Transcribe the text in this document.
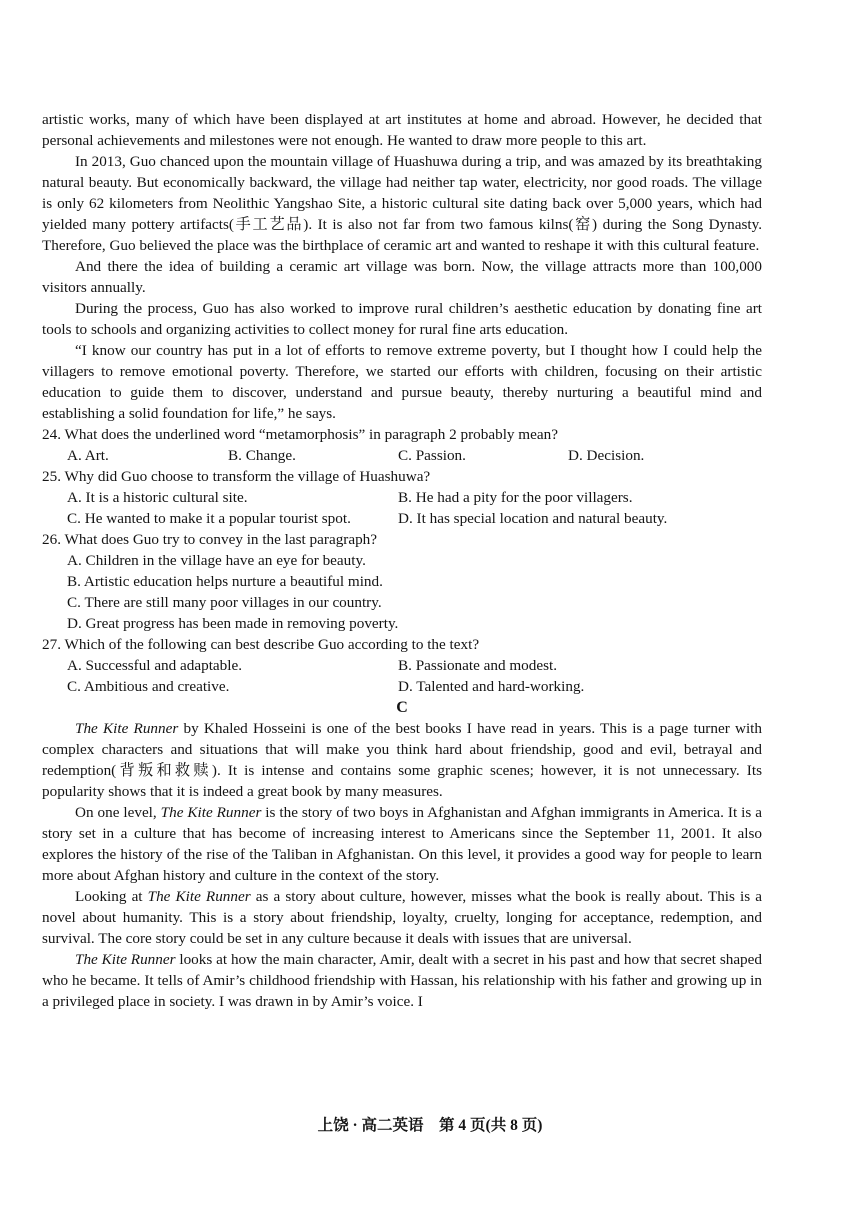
artistic works, many of which have been displayed at art institutes at home and abroad. However, he decided that personal achievements and milestones were not enough. He wanted to draw more people to this art.

In 2013, Guo chanced upon the mountain village of Huashuwa during a trip, and was amazed by its breathtaking natural beauty. But economically backward, the village had neither tap water, electricity, nor good roads. The village is only 62 kilometers from Neolithic Yangshao Site, a historic cultural site dating back over 5,000 years, which had yielded many pottery artifacts(手工艺品). It is also not far from two famous kilns(窑) during the Song Dynasty. Therefore, Guo believed the place was the birthplace of ceramic art and wanted to reshape it with this cultural feature.

And there the idea of building a ceramic art village was born. Now, the village attracts more than 100,000 visitors annually.

During the process, Guo has also worked to improve rural children’s aesthetic education by donating fine art tools to schools and organizing activities to collect money for rural fine arts education.

“I know our country has put in a lot of efforts to remove extreme poverty, but I thought how I could help the villagers to remove emotional poverty. Therefore, we started our efforts with children, focusing on their artistic education to guide them to discover, understand and pursue beauty, thereby nurturing a beautiful mind and establishing a solid foundation for life,” he says.

24. What does the underlined word “metamorphosis” in paragraph 2 probably mean?

A. Art.	B. Change.	C. Passion.	D. Decision.

25. Why did Guo choose to transform the village of Huashuwa?

A. It is a historic cultural site.	B. He had a pity for the poor villagers.
C. He wanted to make it a popular tourist spot.	D. It has special location and natural beauty.

26. What does Guo try to convey in the last paragraph?

A. Children in the village have an eye for beauty.
B. Artistic education helps nurture a beautiful mind.
C. There are still many poor villages in our country.
D. Great progress has been made in removing poverty.

27. Which of the following can best describe Guo according to the text?

A. Successful and adaptable.	B. Passionate and modest.
C. Ambitious and creative.	D. Talented and hard-working.
C

The Kite Runner by Khaled Hosseini is one of the best books I have read in years. This is a page turner with complex characters and situations that will make you think hard about friendship, good and evil, betrayal and redemption(背叛和救赎). It is intense and contains some graphic scenes; however, it is not unnecessary. Its popularity shows that it is indeed a great book by many measures.

On one level, The Kite Runner is the story of two boys in Afghanistan and Afghan immigrants in America. It is a story set in a culture that has become of increasing interest to Americans since the September 11, 2001. It also explores the history of the rise of the Taliban in Afghanistan. On this level, it provides a good way for people to learn more about Afghan history and culture in the context of the story.

Looking at The Kite Runner as a story about culture, however, misses what the book is really about. This is a novel about humanity. This is a story about friendship, loyalty, cruelty, longing for acceptance, redemption, and survival. The core story could be set in any culture because it deals with issues that are universal.

The Kite Runner looks at how the main character, Amir, dealt with a secret in his past and how that secret shaped who he became. It tells of Amir’s childhood friendship with Hassan, his relationship with his father and growing up in a privileged place in society. I was drawn in by Amir’s voice. I

上饶 · 高二英语　第 4 页(共 8 页)
